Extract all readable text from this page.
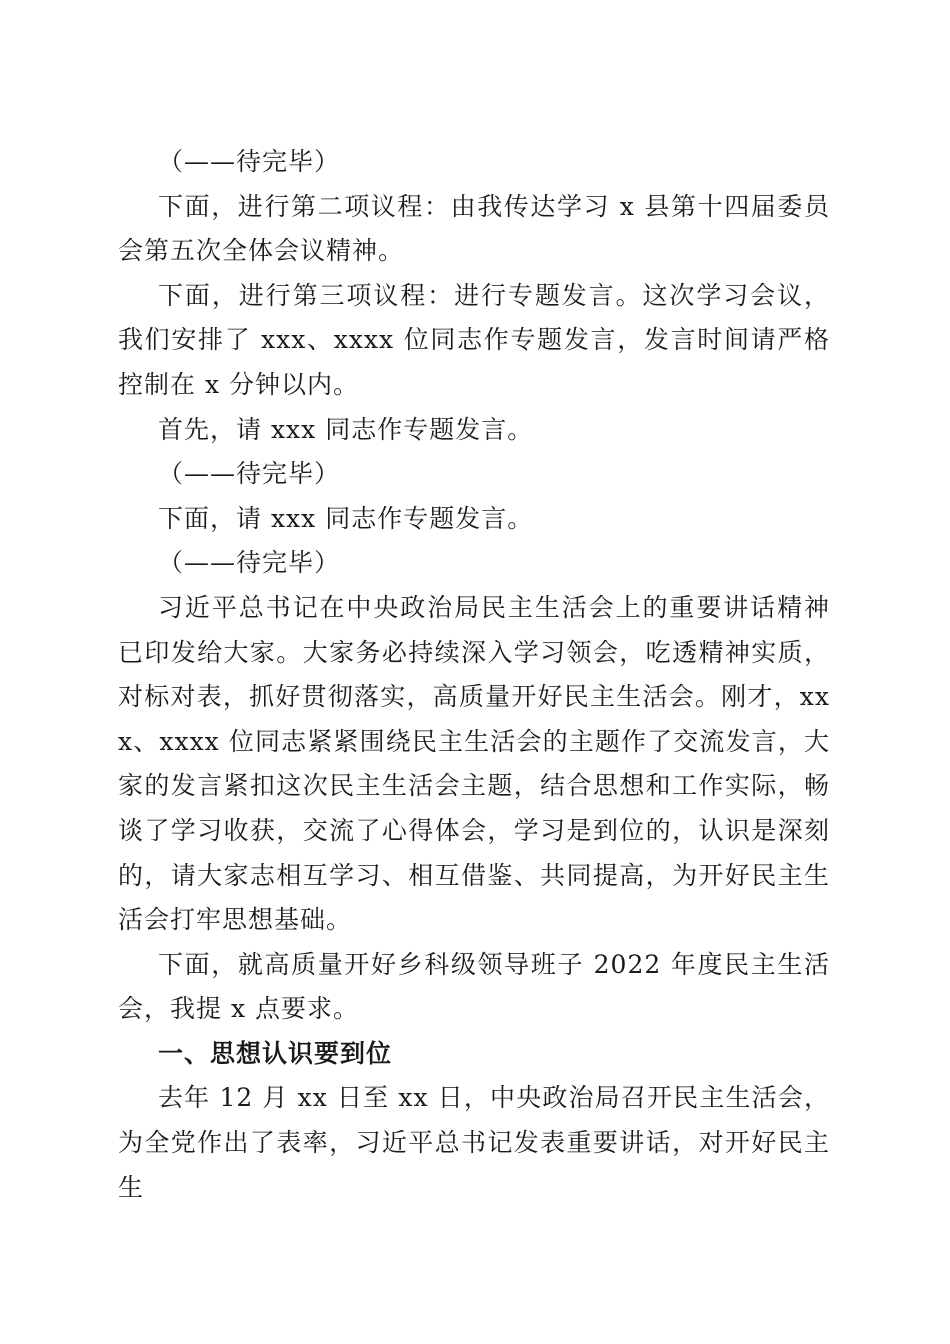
（——待完毕）

下面，进行第二项议程：由我传达学习 x 县第十四届委员会第五次全体会议精神。

下面，进行第三项议程：进行专题发言。这次学习会议，我们安排了 xxx、xxxx 位同志作专题发言，发言时间请严格控制在 x 分钟以内。

首先，请 xxx 同志作专题发言。

（——待完毕）

下面，请 xxx 同志作专题发言。

（——待完毕）

习近平总书记在中央政治局民主生活会上的重要讲话精神已印发给大家。大家务必持续深入学习领会，吃透精神实质，对标对表，抓好贯彻落实，高质量开好民主生活会。刚才，xxx、xxxx 位同志紧紧围绕民主生活会的主题作了交流发言，大家的发言紧扣这次民主生活会主题，结合思想和工作实际，畅谈了学习收获，交流了心得体会，学习是到位的，认识是深刻的，请大家志相互学习、相互借鉴、共同提高，为开好民主生活会打牢思想基础。

下面，就高质量开好乡科级领导班子 2022 年度民主生活会，我提 x 点要求。

一、思想认识要到位

去年 12 月 xx 日至 xx 日，中央政治局召开民主生活会，为全党作出了表率，习近平总书记发表重要讲话，对开好民主生
